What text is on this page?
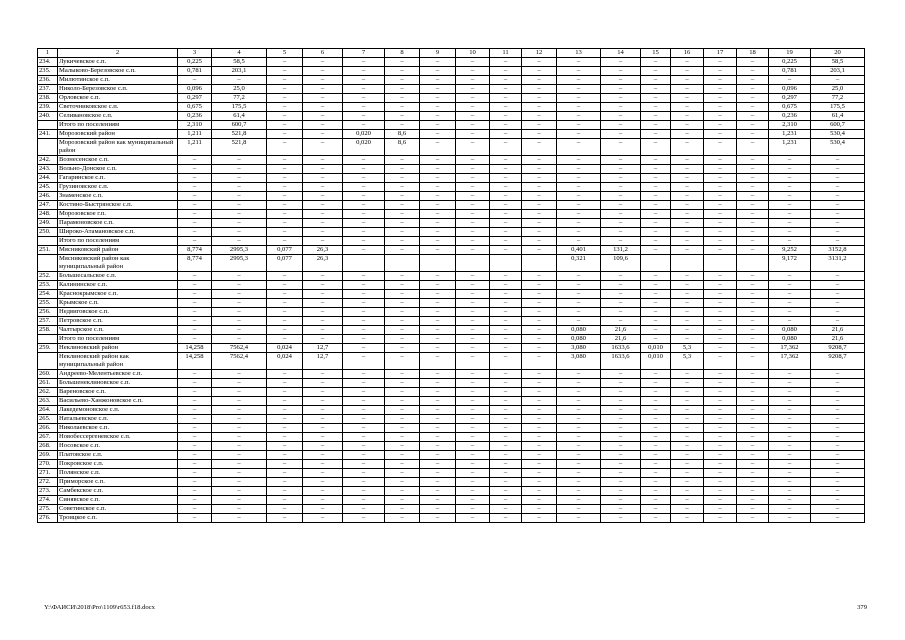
1	2	3	4	5	6	7	8	9	10	11	12	13	14	15	16	17	18	19	20
234.	Лукичевское с.п.	0,225	58,5	–	–	–	–	–	–	–	–	–	–	–	–	–	–	0,225	58,5
235.	Малыково-Березовское с.п.	0,781	203,1	–	–	–	–	–	–	–	–	–	–	–	–	–	–	0,781	203,1
236.	Милютинское с.п.	–	–	–	–	–	–	–	–	–	–	–	–	–	–	–	–	–	–
237.	Николо-Березовское с.п.	0,096	25,0	–	–	–	–	–	–	–	–	–	–	–	–	–	–	0,096	25,0
238.	Орловское с.п.	0,297	77,2	–	–	–	–	–	–	–	–	–	–	–	–	–	–	0,297	77,2
239.	Светочниковское с.п.	0,675	175,5	–	–	–	–	–	–	–	–	–	–	–	–	–	–	0,675	175,5
240.	Селивановское с.п.	0,236	61,4	–	–	–	–	–	–	–	–	–	–	–	–	–	–	0,236	61,4
	Итого по поселениям	2,310	600,7	–	–	–	–	–	–	–	–	–	–	–	–	–	–	2,310	600,7
241.	Морозовский район	1,211	521,8	–	–	0,020	8,6	–	–	–	–	–	–	–	–	–	–	1,231	530,4
	Морозовский район как муниципальный район	1,211	521,8	–	–	0,020	8,6	–	–	–	–	–	–	–	–	–	–	1,231	530,4
242.	Вознесенское с.п.	–	–	–	–	–	–	–	–	–	–	–	–	–	–	–	–	–	–
243.	Вольно-Донское с.п.	–	–	–	–	–	–	–	–	–	–	–	–	–	–	–	–	–	–
244.	Гагаринское с.п.	–	–	–	–	–	–	–	–	–	–	–	–	–	–	–	–	–	–
245.	Грузиновское с.п.	–	–	–	–	–	–	–	–	–	–	–	–	–	–	–	–	–	–
246.	Знаменское с.п.	–	–	–	–	–	–	–	–	–	–	–	–	–	–	–	–	–	–
247.	Костино-Быстрянское с.п.	–	–	–	–	–	–	–	–	–	–	–	–	–	–	–	–	–	–
248.	Морозовское г.п.	–	–	–	–	–	–	–	–	–	–	–	–	–	–	–	–	–	–
249.	Парамоновское с.п.	–	–	–	–	–	–	–	–	–	–	–	–	–	–	–	–	–	–
250.	Широко-Атамановское с.п.	–	–	–	–	–	–	–	–	–	–	–	–	–	–	–	–	–	–
	Итого по поселениям	–	–	–	–	–	–	–	–	–	–	–	–	–	–	–	–	–	–
251.	Мясниковский район	8,774	2995,3	0,077	26,3	–	–	–	–	–	–	0,401	131,2	–	–	–	–	9,252	3152,8
	Мясниковский район как муниципальный район	8,774	2995,3	0,077	26,3							0,321	109,6					9,172	3131,2
252.	Большесальское с.п.	–	–	–	–	–	–	–	–	–	–	–	–	–	–	–	–	–	–
253.	Калининское с.п.	–	–	–	–	–	–	–	–	–	–	–	–	–	–	–	–	–	–
254.	Краснокрымское с.п.	–	–	–	–	–	–	–	–	–	–	–	–	–	–	–	–	–	–
255.	Крымское с.п.	–	–	–	–	–	–	–	–	–	–	–	–	–	–	–	–	–	–
256.	Недвиговское с.п.	–	–	–	–	–	–	–	–	–	–	–	–	–	–	–	–	–	–
257.	Петровское с.п.	–	–	–	–	–	–	–	–	–	–	–	–	–	–	–	–	–	–
258.	Чалтырское с.п.	–	–	–	–	–	–	–	–	–	–	0,080	21,6	–	–	–	–	0,080	21,6
	Итого по поселениям	–	–	–	–	–	–	–	–	–	–	0,080	21,6	–	–	–	–	0,080	21,6
259.	Неклиновский район	14,258	7562,4	0,024	12,7	–	–	–	–	–	–	3,080	1633,6	0,010	5,3	–	–	17,362	9208,7
	Неклиновский район как муниципальный район	14,258	7562,4	0,024	12,7	–	–	–	–	–	–	3,080	1633,6	0,010	5,3	–	–	17,362	9208,7
260.	Андреево-Мелентьевское с.п.	–	–	–	–	–	–	–	–	–	–	–	–	–	–	–	–	–	–
261.	Большенеклиновское с.п.	–	–	–	–	–	–	–	–	–	–	–	–	–	–	–	–	–	–
262.	Вареновское с.п.	–	–	–	–	–	–	–	–	–	–	–	–	–	–	–	–	–	–
263.	Васильево-Ханжоновское с.п.	–	–	–	–	–	–	–	–	–	–	–	–	–	–	–	–	–	–
264.	Лакедемоновское с.п.	–	–	–	–	–	–	–	–	–	–	–	–	–	–	–	–	–	–
265.	Натальевское с.п.	–	–	–	–	–	–	–	–	–	–	–	–	–	–	–	–	–	–
266.	Николаевское с.п.	–	–	–	–	–	–	–	–	–	–	–	–	–	–	–	–	–	–
267.	Новобессергеневское с.п.	–	–	–	–	–	–	–	–	–	–	–	–	–	–	–	–	–	–
268.	Носовское с.п.	–	–	–	–	–	–	–	–	–	–	–	–	–	–	–	–	–	–
269.	Платовское с.п.	–	–	–	–	–	–	–	–	–	–	–	–	–	–	–	–	–	–
270.	Покровское с.п.	–	–	–	–	–	–	–	–	–	–	–	–	–	–	–	–	–	–
271.	Полянское с.п.	–	–	–	–	–	–	–	–	–	–	–	–	–	–	–	–	–	–
272.	Приморское с.п.	–	–	–	–	–	–	–	–	–	–	–	–	–	–	–	–	–	–
273.	Самбекское с.п.	–	–	–	–	–	–	–	–	–	–	–	–	–	–	–	–	–	–
274.	Синявское с.п.	–	–	–	–	–	–	–	–	–	–	–	–	–	–	–	–	–	–
275.	Советинское с.п.	–	–	–	–	–	–	–	–	–	–	–	–	–	–	–	–	–	–
276.	Троицкое с.п.	–	–	–	–	–	–	–	–	–	–	–	–	–	–	–	–	–	–
Y:\ФАИСИ\2018\Pro\1109\r653.f18.docx	379
